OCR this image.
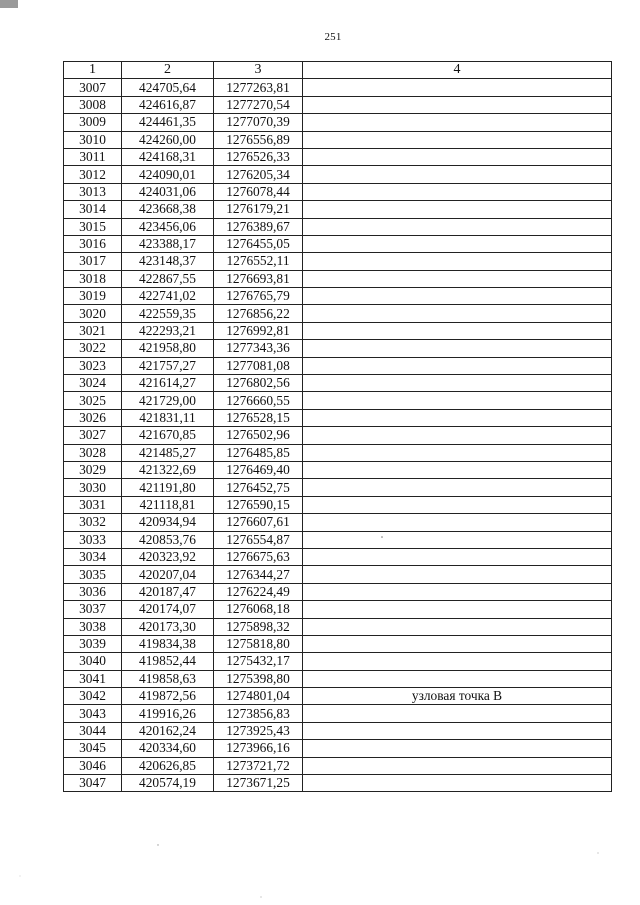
251
1	2	3	4
3007	424705,64	1277263,81	
3008	424616,87	1277270,54	
3009	424461,35	1277070,39	
3010	424260,00	1276556,89	
3011	424168,31	1276526,33	
3012	424090,01	1276205,34	
3013	424031,06	1276078,44	
3014	423668,38	1276179,21	
3015	423456,06	1276389,67	
3016	423388,17	1276455,05	
3017	423148,37	1276552,11	
3018	422867,55	1276693,81	
3019	422741,02	1276765,79	
3020	422559,35	1276856,22	
3021	422293,21	1276992,81	
3022	421958,80	1277343,36	
3023	421757,27	1277081,08	
3024	421614,27	1276802,56	
3025	421729,00	1276660,55	
3026	421831,11	1276528,15	
3027	421670,85	1276502,96	
3028	421485,27	1276485,85	
3029	421322,69	1276469,40	
3030	421191,80	1276452,75	
3031	421118,81	1276590,15	
3032	420934,94	1276607,61	
3033	420853,76	1276554,87	
3034	420323,92	1276675,63	
3035	420207,04	1276344,27	
3036	420187,47	1276224,49	
3037	420174,07	1276068,18	
3038	420173,30	1275898,32	
3039	419834,38	1275818,80	
3040	419852,44	1275432,17	
3041	419858,63	1275398,80	
3042	419872,56	1274801,04	узловая точка В
3043	419916,26	1273856,83	
3044	420162,24	1273925,43	
3045	420334,60	1273966,16	
3046	420626,85	1273721,72	
3047	420574,19	1273671,25	
